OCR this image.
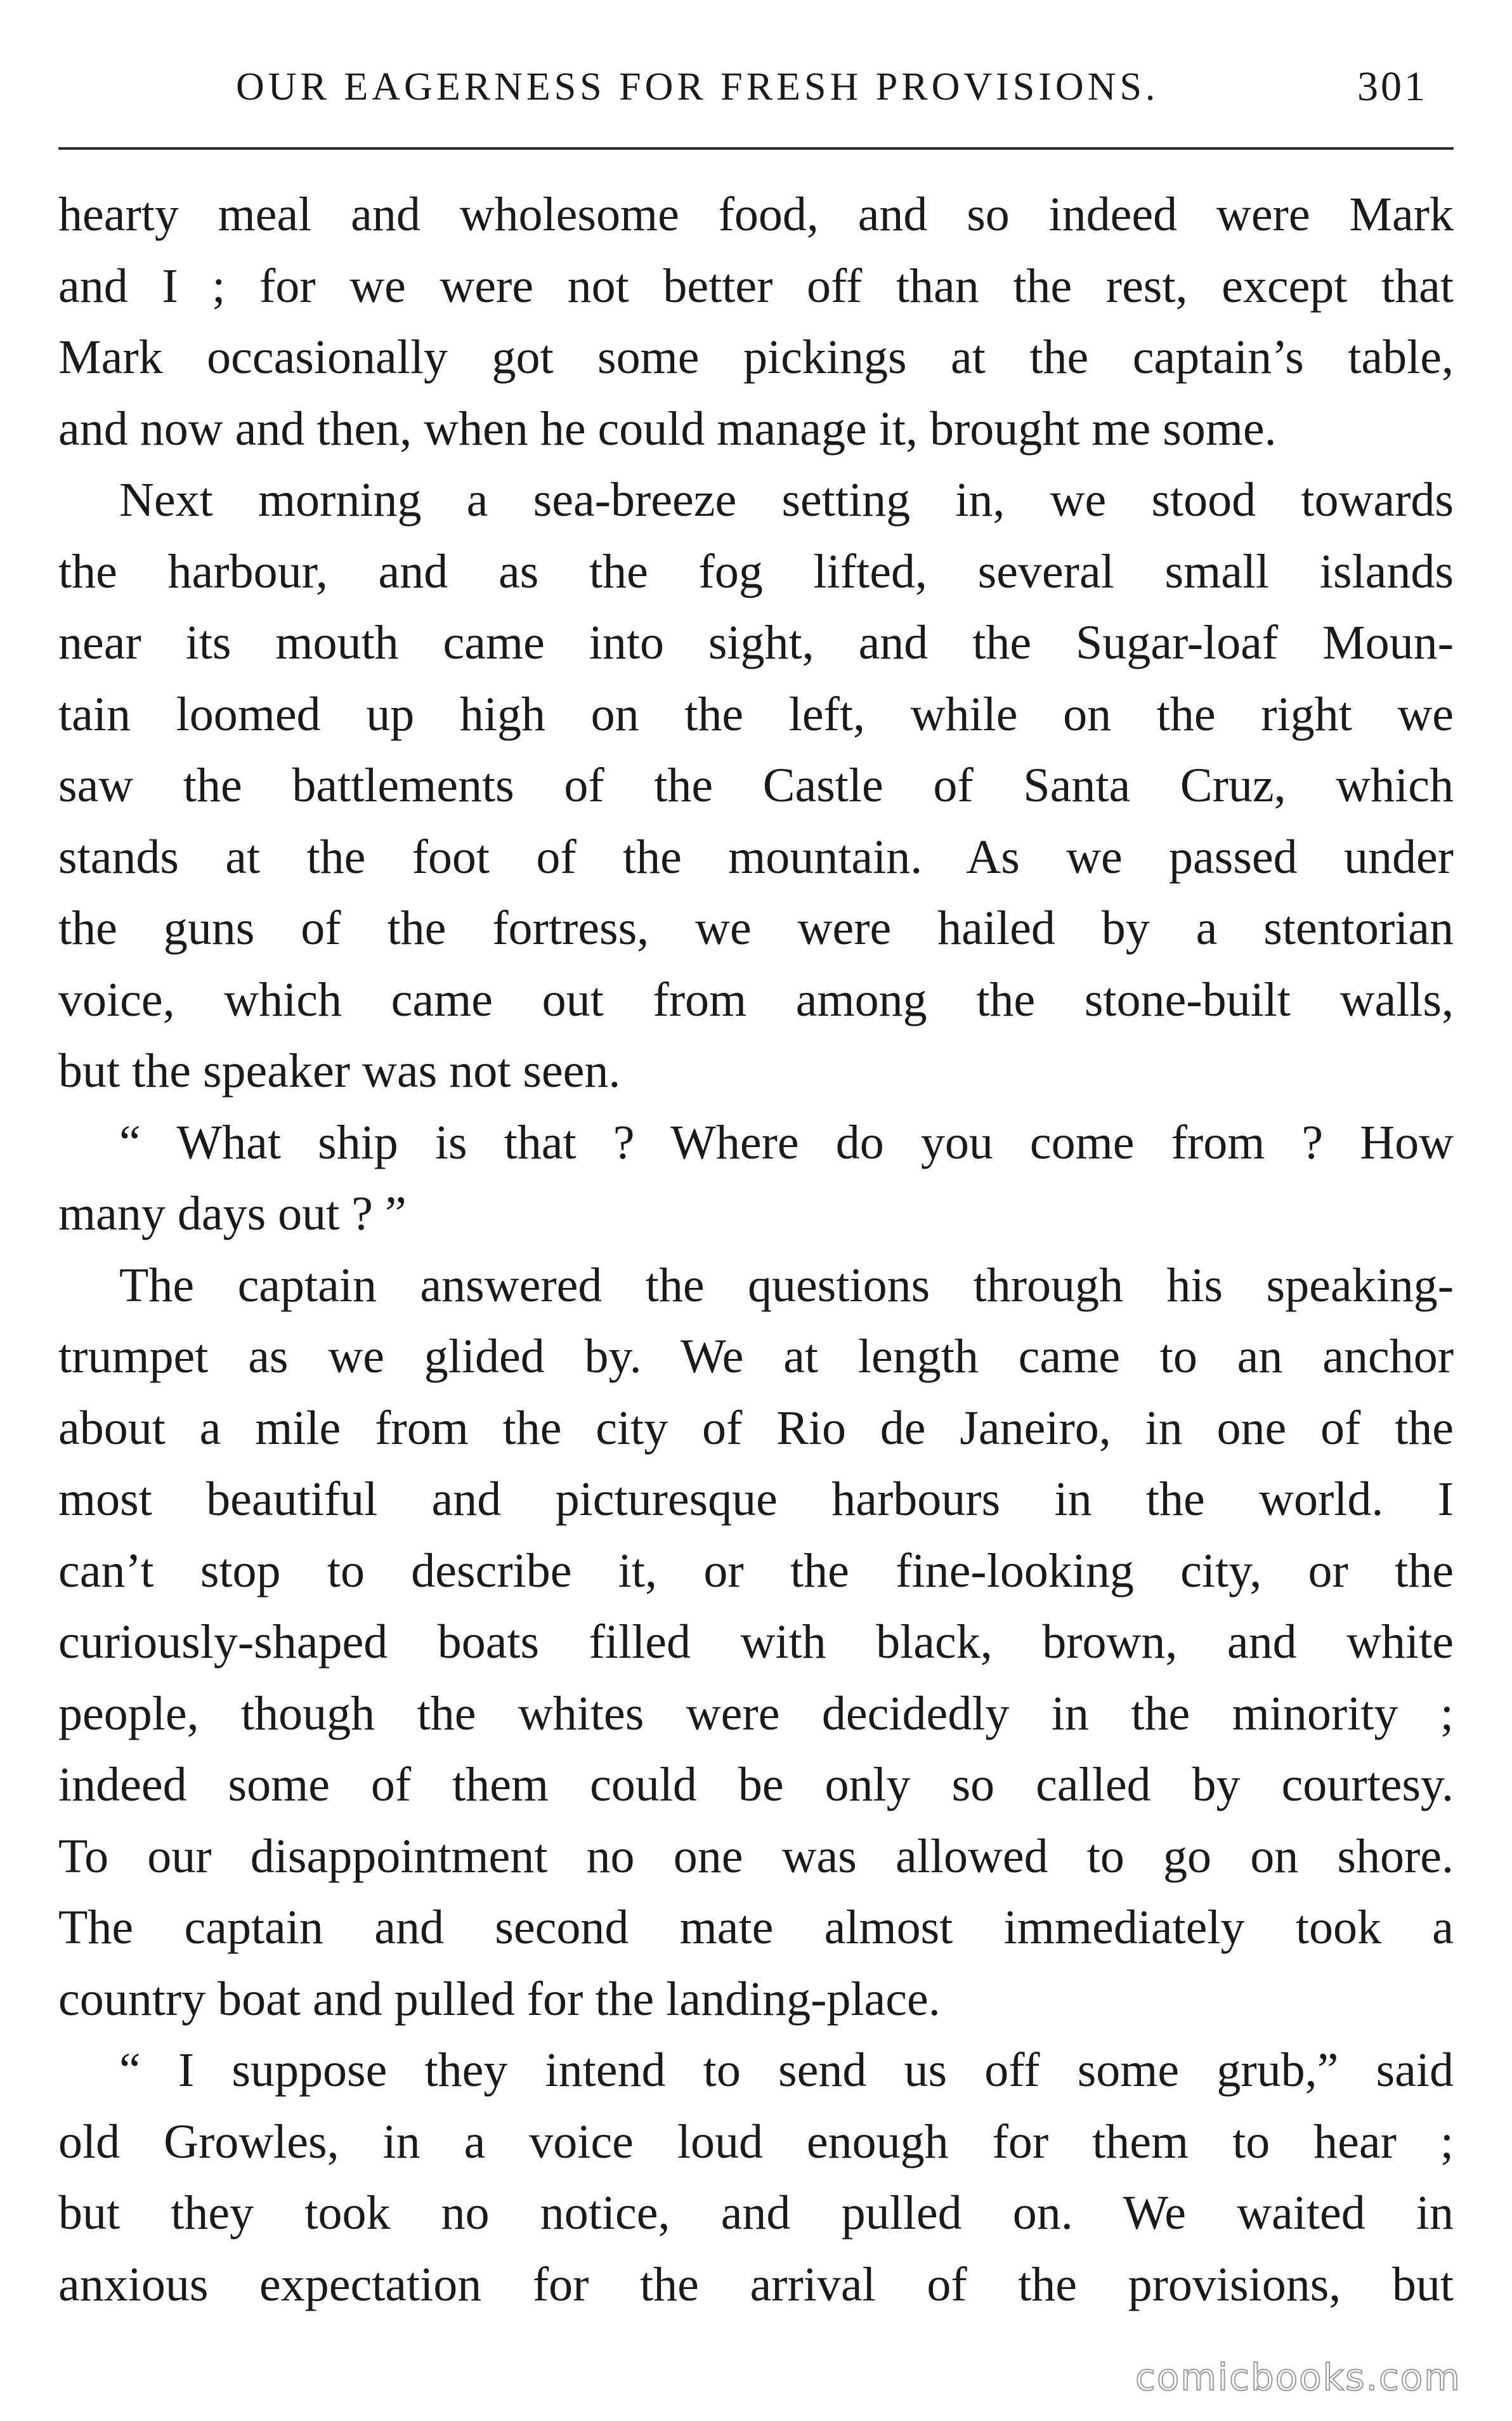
OUR EAGERNESS FOR FRESH PROVISIONS.	301
hearty meal and wholesome food, and so indeed were Mark
and I ; for we were not better off than the rest, except that
Mark occasionally got some pickings at the captain’s table,
and now and then, when he could manage it, brought me some.
Next morning a sea-breeze setting in, we stood towards
the harbour, and as the fog lifted, several small islands
near its mouth came into sight, and the Sugar-loaf Moun-
tain loomed up high on the left, while on the right we
saw the battlements of the Castle of Santa Cruz, which
stands at the foot of the mountain. As we passed under
the guns of the fortress, we were hailed by a stentorian
voice, which came out from among the stone-built walls,
but the speaker was not seen.
“ What ship is that ? Where do you come from ? How
many days out ? ”
The captain answered the questions through his speaking-
trumpet as we glided by. We at length came to an anchor
about a mile from the city of Rio de Janeiro, in one of the
most beautiful and picturesque harbours in the world. I
can’t stop to describe it, or the fine-looking city, or the
curiously-shaped boats filled with black, brown, and white
people, though the whites were decidedly in the minority ;
indeed some of them could be only so called by courtesy.
To our disappointment no one was allowed to go on shore.
The captain and second mate almost immediately took a
country boat and pulled for the landing-place.
“ I suppose they intend to send us off some grub,” said
old Growles, in a voice loud enough for them to hear ;
but they took no notice, and pulled on. We waited in
anxious expectation for the arrival of the provisions, but
comicbooks.com
